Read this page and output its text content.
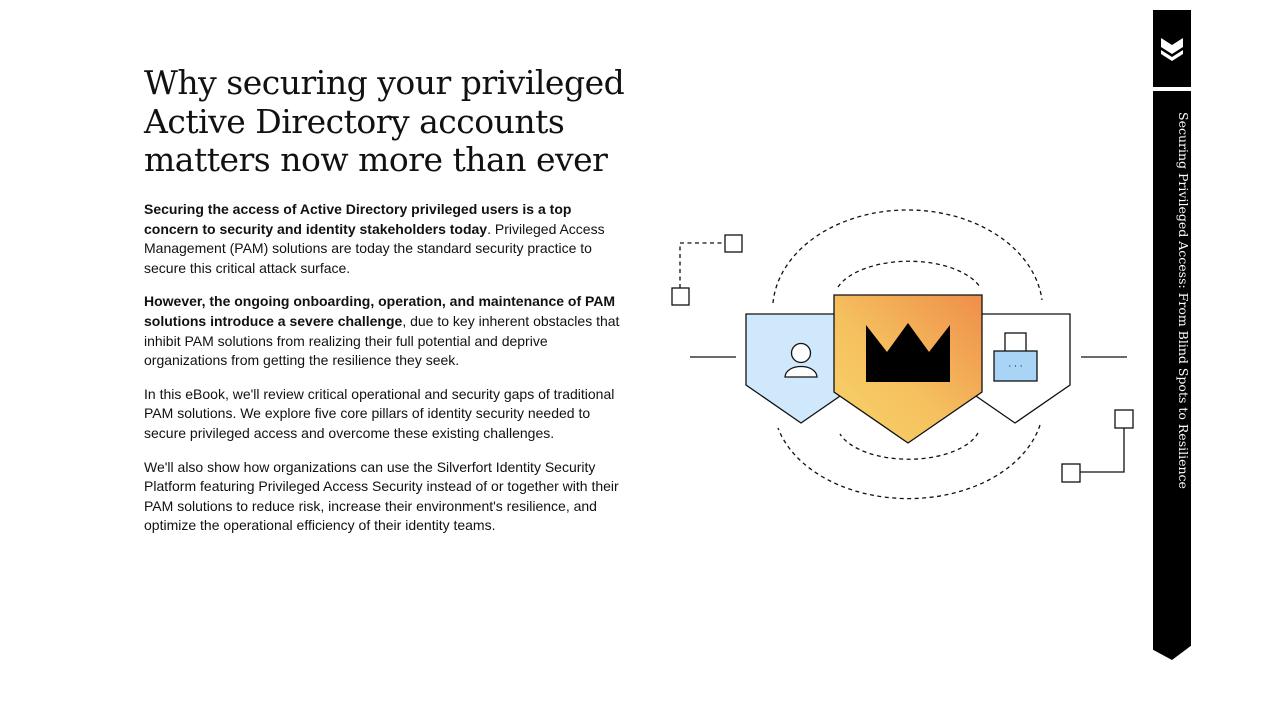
Why securing your privileged
Active Directory accounts
matters now more than ever

Securing the access of Active Directory privileged users is a top concern to security and identity stakeholders today. Privileged Access Management (PAM) solutions are today the standard security practice to secure this critical attack surface.

However, the ongoing onboarding, operation, and maintenance of PAM solutions introduce a severe challenge, due to key inherent obstacles that inhibit PAM solutions from realizing their full potential and deprive organizations from getting the resilience they seek.

In this eBook, we'll review critical operational and security gaps of traditional PAM solutions. We explore five core pillars of identity security needed to secure privileged access and overcome these existing challenges.

We'll also show how organizations can use the Silverfort Identity Security Platform featuring Privileged Access Security instead of or together with their PAM solutions to reduce risk, increase their environment's resilience, and optimize the operational efficiency of their identity teams.

· · ·	Securing Privileged Access: From Blind Spots to Resilience
